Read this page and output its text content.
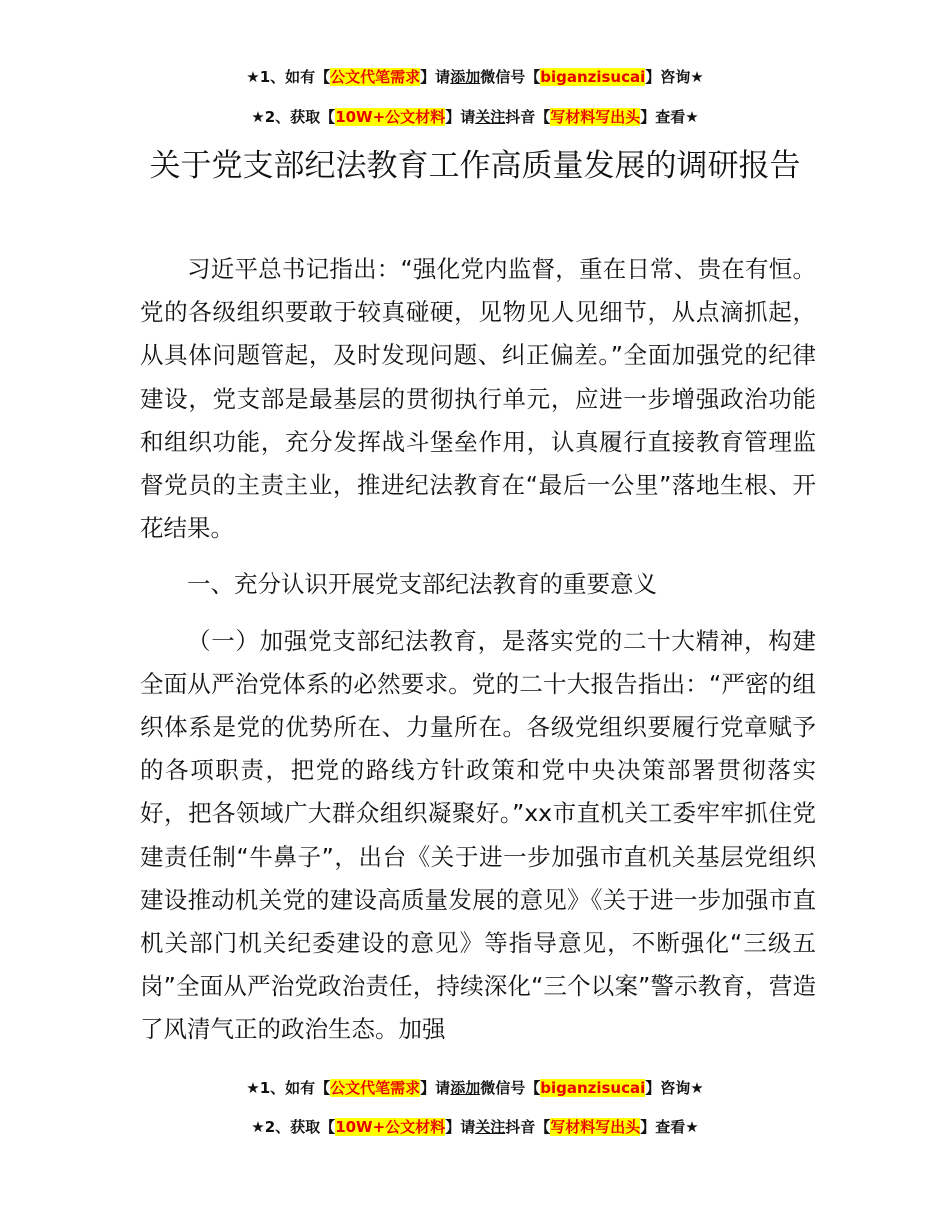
★1、如有【公文代笔需求】请添加微信号【biganzisucai】咨询★
★2、获取【10W+公文材料】请关注抖音【写材料写出头】查看★
关于党支部纪法教育工作高质量发展的调研报告

习近平总书记指出：“强化党内监督，重在日常、贵在有恒。党的各级组织要敢于较真碰硬，见物见人见细节，从点滴抓起，从具体问题管起，及时发现问题、纠正偏差。”全面加强党的纪律建设，党支部是最基层的贯彻执行单元，应进一步增强政治功能和组织功能，充分发挥战斗堡垒作用，认真履行直接教育管理监督党员的主责主业，推进纪法教育在“最后一公里”落地生根、开花结果。

一、充分认识开展党支部纪法教育的重要意义

（一）加强党支部纪法教育，是落实党的二十大精神，构建全面从严治党体系的必然要求。党的二十大报告指出：“严密的组织体系是党的优势所在、力量所在。各级党组织要履行党章赋予的各项职责，把党的路线方针政策和党中央决策部署贯彻落实好，把各领域广大群众组织凝聚好。”xx市直机关工委牢牢抓住党建责任制“牛鼻子”，出台《关于进一步加强市直机关基层党组织建设推动机关党的建设高质量发展的意见》《关于进一步加强市直机关部门机关纪委建设的意见》等指导意见，不断强化“三级五岗”全面从严治党政治责任，持续深化“三个以案”警示教育，营造了风清气正的政治生态。加强

★1、如有【公文代笔需求】请添加微信号【biganzisucai】咨询★
★2、获取【10W+公文材料】请关注抖音【写材料写出头】查看★
